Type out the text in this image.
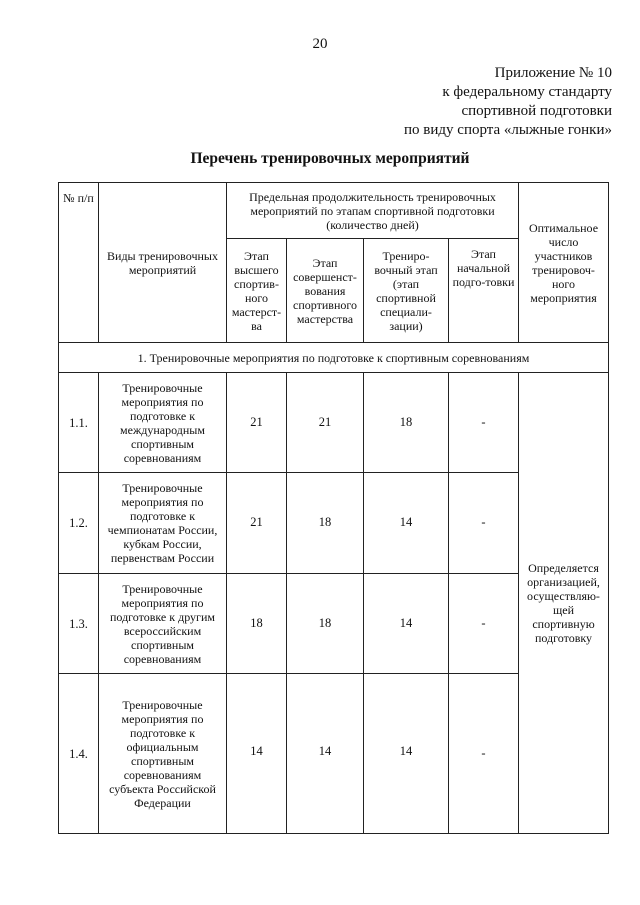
20
Приложение № 10
к федеральному стандарту
спортивной подготовки
по виду спорта «лыжные гонки»
Перечень тренировочных мероприятий
№ п/п	Виды тренировочных мероприятий	Предельная продолжительность тренировочных мероприятий по этапам спортивной подготовки (количество дней)				Оптимальное число участников тренировоч-ного мероприятия
		Этап высшего спортив-ного мастерст-ва	Этап совершенст-вования спортивного мастерства	Трениро-вочный этап (этап спортивной специали-зации)	Этап начальной подго-товки	
1. Тренировочные мероприятия по подготовке к спортивным соревнованиям						
1.1.	Тренировочные мероприятия по подготовке к международным спортивным соревнованиям	21	21	18	-	Определяется организацией, осуществляю-щей спортивную подготовку
1.2.	Тренировочные мероприятия по подготовке к чемпионатам России, кубкам России, первенствам России	21	18	14	-	
1.3.	Тренировочные мероприятия по подготовке к другим всероссийским спортивным соревнованиям	18	18	14	-	
1.4.	Тренировочные мероприятия по подготовке к официальным спортивным соревнованиям субъекта Российской Федерации	14	14	14	-	
